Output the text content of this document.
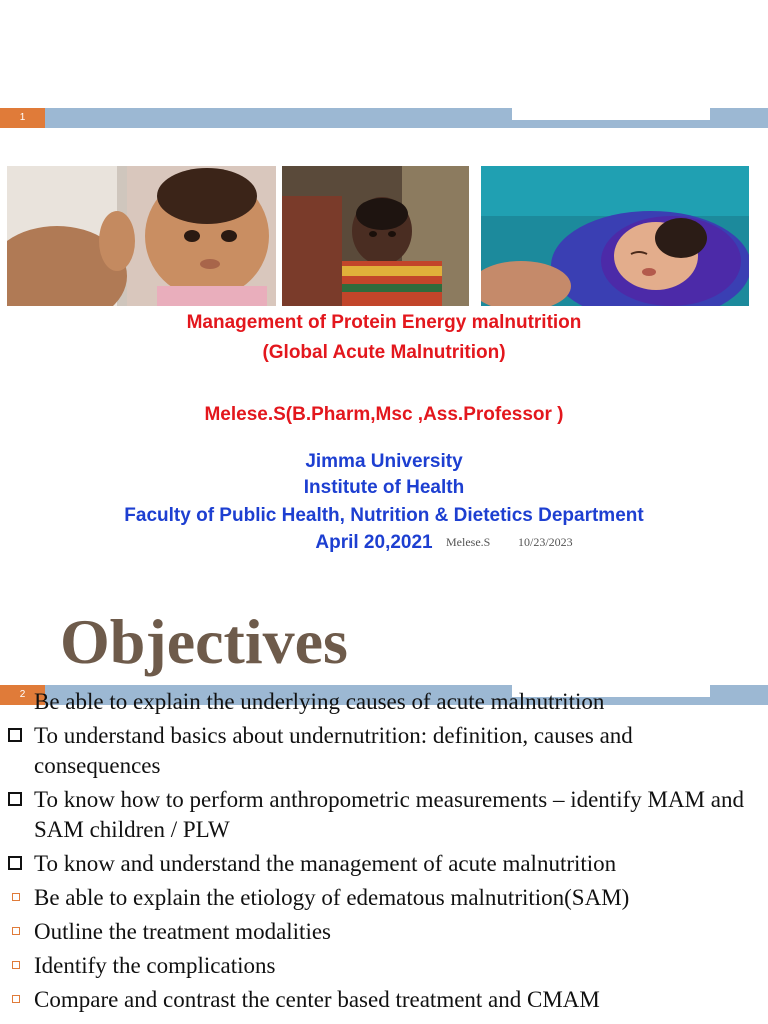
1
Management of Protein Energy malnutrition
(Global Acute Malnutrition)
Melese.S(B.Pharm,Msc ,Ass.Professor )
Jimma University
Institute of Health
Faculty of Public Health, Nutrition & Dietetics Department
April 20,2021	Melese.S 10/23/2023
Objectives
2 Be able to explain the underlying causes of acute malnutrition
To understand basics about undernutrition: definition, causes and consequences
To know how to perform anthropometric measurements – identify MAM and SAM children / PLW
To know and understand the management of acute malnutrition
Be able to explain the etiology of edematous malnutrition(SAM)
Outline the treatment modalities
Identify the complications
Compare and contrast the center based treatment and CMAM
